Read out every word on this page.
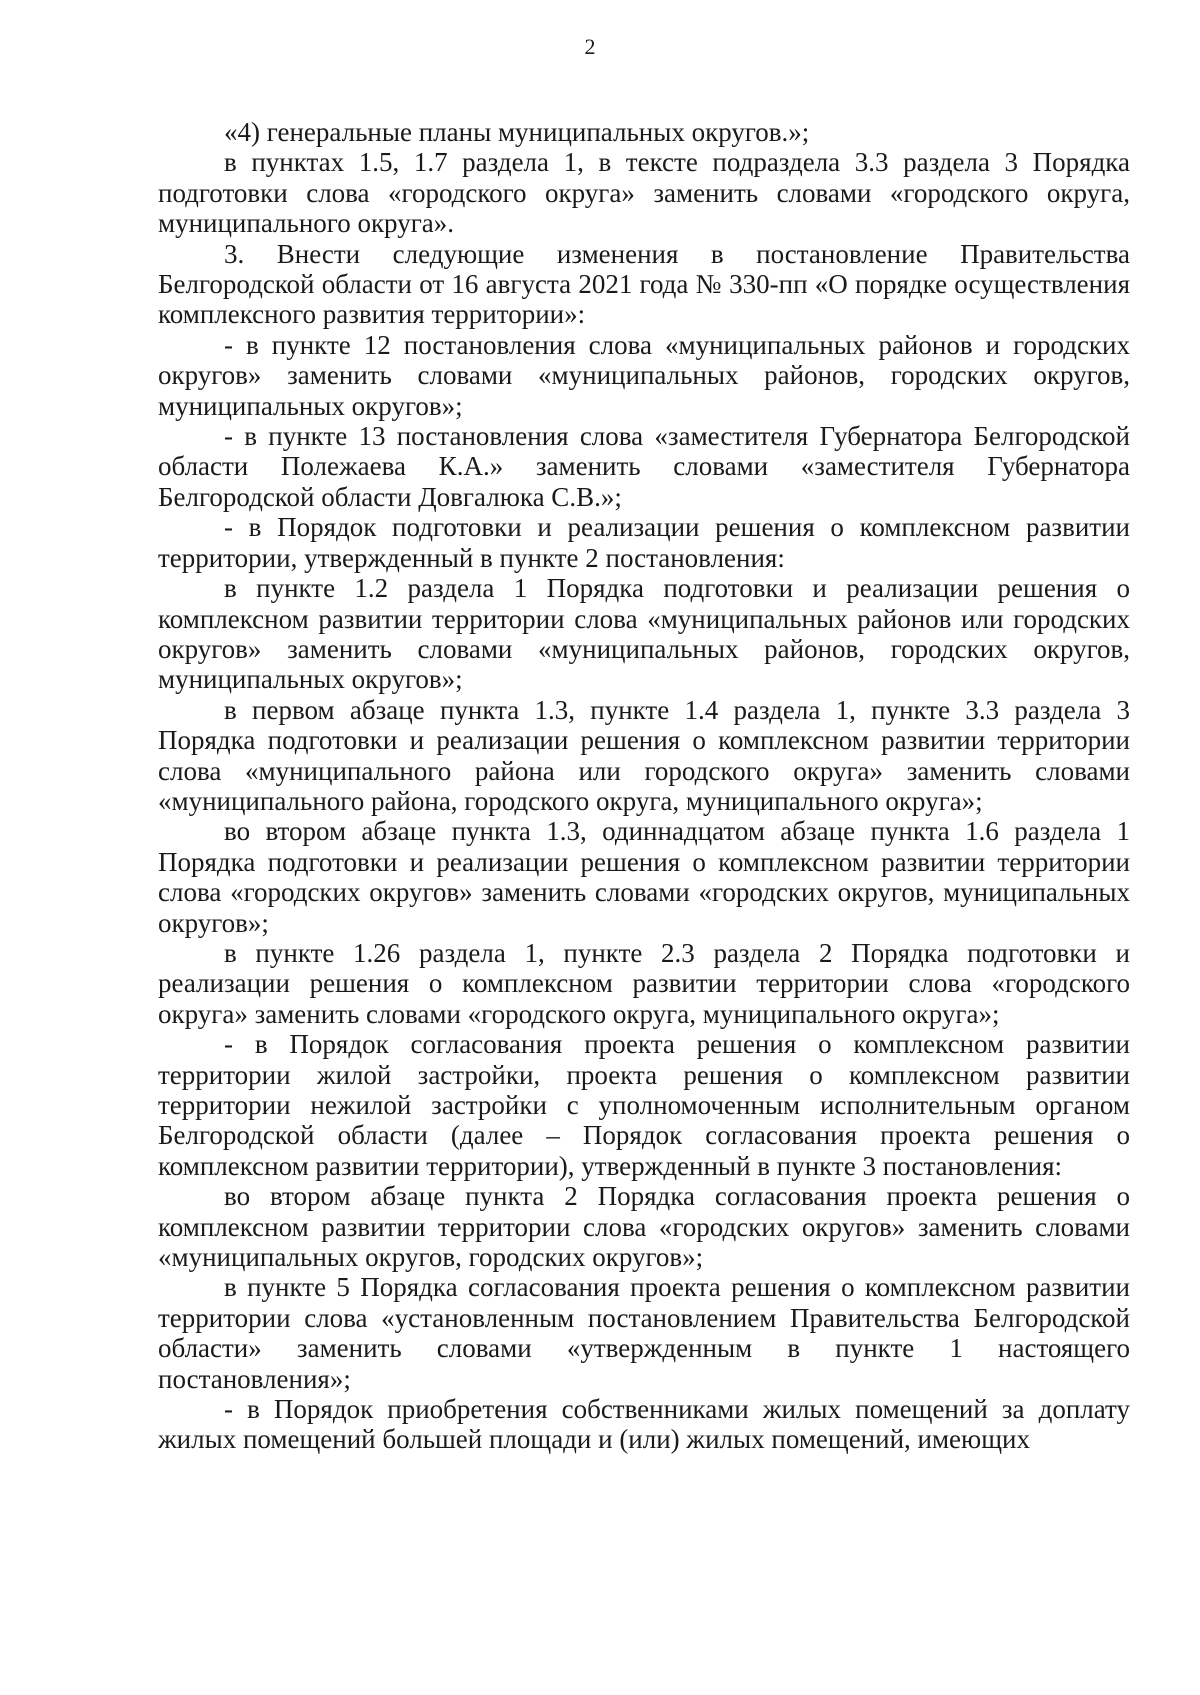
2

«4) генеральные планы муниципальных округов.»;

в пунктах 1.5, 1.7 раздела 1, в тексте подраздела 3.3 раздела 3 Порядка подготовки слова «городского округа» заменить словами «городского округа, муниципального округа».

3. Внести следующие изменения в постановление Правительства Белгородской области от 16 августа 2021 года № 330-пп «О порядке осуществления комплексного развития территории»:

- в пункте 12 постановления слова «муниципальных районов и городских округов» заменить словами «муниципальных районов, городских округов, муниципальных округов»;

- в пункте 13 постановления слова «заместителя Губернатора Белгородской области Полежаева К.А.» заменить словами «заместителя Губернатора Белгородской области Довгалюка С.В.»;

- в Порядок подготовки и реализации решения о комплексном развитии территории, утвержденный в пункте 2 постановления:

в пункте 1.2 раздела 1 Порядка подготовки и реализации решения о комплексном развитии территории слова «муниципальных районов или городских округов» заменить словами «муниципальных районов, городских округов, муниципальных округов»;

в первом абзаце пункта 1.3, пункте 1.4 раздела 1, пункте 3.3 раздела 3 Порядка подготовки и реализации решения о комплексном развитии территории слова «муниципального района или городского округа» заменить словами «муниципального района, городского округа, муниципального округа»;

во втором абзаце пункта 1.3, одиннадцатом абзаце пункта 1.6 раздела 1 Порядка подготовки и реализации решения о комплексном развитии территории слова «городских округов» заменить словами «городских округов, муниципальных округов»;

в пункте 1.26 раздела 1, пункте 2.3 раздела 2 Порядка подготовки и реализации решения о комплексном развитии территории слова «городского округа» заменить словами «городского округа, муниципального округа»;

- в Порядок согласования проекта решения о комплексном развитии территории жилой застройки, проекта решения о комплексном развитии территории нежилой застройки с уполномоченным исполнительным органом Белгородской области (далее – Порядок согласования проекта решения о комплексном развитии территории), утвержденный в пункте 3 постановления:

во втором абзаце пункта 2 Порядка согласования проекта решения о комплексном развитии территории слова «городских округов» заменить словами «муниципальных округов, городских округов»;

в пункте 5 Порядка согласования проекта решения о комплексном развитии территории слова «установленным постановлением Правительства Белгородской области» заменить словами «утвержденным в пункте 1 настоящего постановления»;

- в Порядок приобретения собственниками жилых помещений за доплату жилых помещений большей площади и (или) жилых помещений, имеющих
